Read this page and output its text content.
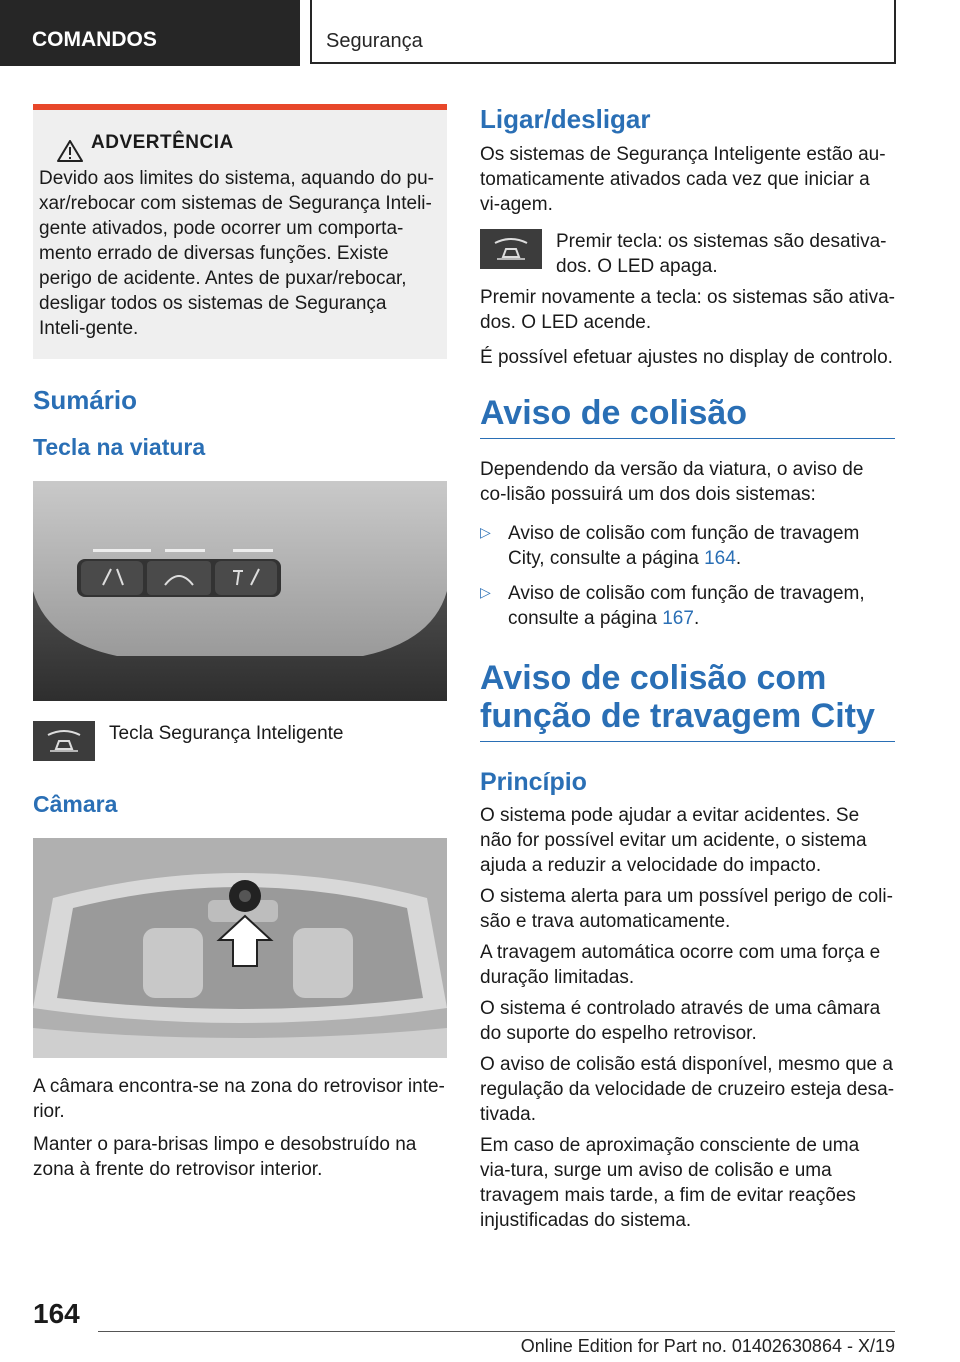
COMANDOS	Segurança
ADVERTÊNCIA

Devido aos limites do sistema, aquando do pu-xar/rebocar com sistemas de Segurança Inteli-gente ativados, pode ocorrer um comporta-mento errado de diversas funções. Existe perigo de acidente. Antes de puxar/rebocar, desligar todos os sistemas de Segurança Inteli-gente.

Sumário
Tecla na viatura

Tecla Segurança Inteligente

Câmara

A câmara encontra-se na zona do retrovisor inte-rior.

Manter o para-brisas limpo e desobstruído na zona à frente do retrovisor interior.

Ligar/desligar

Os sistemas de Segurança Inteligente estão au-tomaticamente ativados cada vez que iniciar a vi-agem.

Premir tecla: os sistemas são desativa-dos. O LED apaga.

Premir novamente a tecla: os sistemas são ativa-dos. O LED acende.

É possível efetuar ajustes no display de controlo.

Aviso de colisão

Dependendo da versão da viatura, o aviso de co-lisão possuirá um dos dois sistemas:

▷ Aviso de colisão com função de travagem City, consulte a página 164.

▷ Aviso de colisão com função de travagem, consulte a página 167.

Aviso de colisão com função de travagem City
Princípio

O sistema pode ajudar a evitar acidentes. Se não for possível evitar um acidente, o sistema ajuda a reduzir a velocidade do impacto.

O sistema alerta para um possível perigo de coli-são e trava automaticamente.

A travagem automática ocorre com uma força e duração limitadas.

O sistema é controlado através de uma câmara do suporte do espelho retrovisor.

O aviso de colisão está disponível, mesmo que a regulação da velocidade de cruzeiro esteja desa-tivada.

Em caso de aproximação consciente de uma via-tura, surge um aviso de colisão e uma travagem mais tarde, a fim de evitar reações injustificadas do sistema.

164
Online Edition for Part no. 01402630864 - X/19
